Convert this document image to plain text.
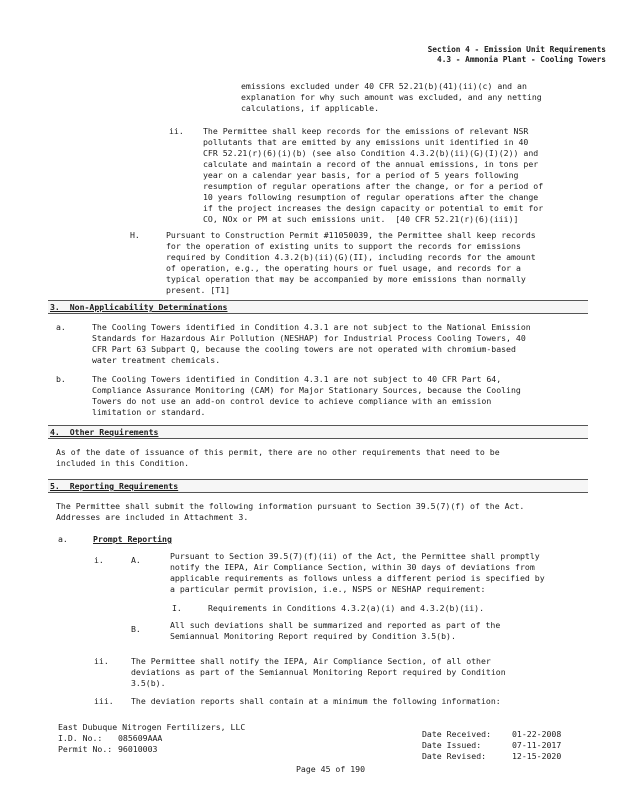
Section 4 - Emission Unit Requirements
4.3 - Ammonia Plant - Cooling Towers
emissions excluded under 40 CFR 52.21(b)(41)(ii)(c) and an
explanation for why such amount was excluded, and any netting
calculations, if applicable.
ii. The Permittee shall keep records for the emissions of relevant NSR
pollutants that are emitted by any emissions unit identified in 40
CFR 52.21(r)(6)(i)(b) (see also Condition 4.3.2(b)(ii)(G)(I)(2)) and
calculate and maintain a record of the annual emissions, in tons per
year on a calendar year basis, for a period of 5 years following
resumption of regular operations after the change, or for a period of
10 years following resumption of regular operations after the change
if the project increases the design capacity or potential to emit for
CO, NOx or PM at such emissions unit.  [40 CFR 52.21(r)(6)(iii)]
H.	Pursuant to Construction Permit #11050039, the Permittee shall keep records
for the operation of existing units to support the records for emissions
required by Condition 4.3.2(b)(ii)(G)(II), including records for the amount
of operation, e.g., the operating hours or fuel usage, and records for a
typical operation that may be accompanied by more emissions than normally
present. [T1]
3.  Non-Applicability Determinations
a.	The Cooling Towers identified in Condition 4.3.1 are not subject to the National Emission
Standards for Hazardous Air Pollution (NESHAP) for Industrial Process Cooling Towers, 40
CFR Part 63 Subpart Q, because the cooling towers are not operated with chromium-based
water treatment chemicals.
b.	The Cooling Towers identified in Condition 4.3.1 are not subject to 40 CFR Part 64,
Compliance Assurance Monitoring (CAM) for Major Stationary Sources, because the Cooling
Towers do not use an add-on control device to achieve compliance with an emission
limitation or standard.
4.  Other Requirements
As of the date of issuance of this permit, there are no other requirements that need to be
included in this Condition.
5.  Reporting Requirements
The Permittee shall submit the following information pursuant to Section 39.5(7)(f) of the Act.
Addresses are included in Attachment 3.
a.	Prompt Reporting
i.	A.	Pursuant to Section 39.5(7)(f)(ii) of the Act, the Permittee shall promptly
notify the IEPA, Air Compliance Section, within 30 days of deviations from
applicable requirements as follows unless a different period is specified by
a particular permit provision, i.e., NSPS or NESHAP requirement:
I.	Requirements in Conditions 4.3.2(a)(i) and 4.3.2(b)(ii).
B.	All such deviations shall be summarized and reported as part of the
Semiannual Monitoring Report required by Condition 3.5(b).
ii.	The Permittee shall notify the IEPA, Air Compliance Section, of all other
deviations as part of the Semiannual Monitoring Report required by Condition
3.5(b).
iii. The deviation reports shall contain at a minimum the following information:
East Dubuque Nitrogen Fertilizers, LLC
I.D. No.: 085609AAA
Permit No.: 96010003
Date Received:	01-22-2008
Date Issued:	07-11-2017
Date Revised:	12-15-2020
Page 45 of 190
